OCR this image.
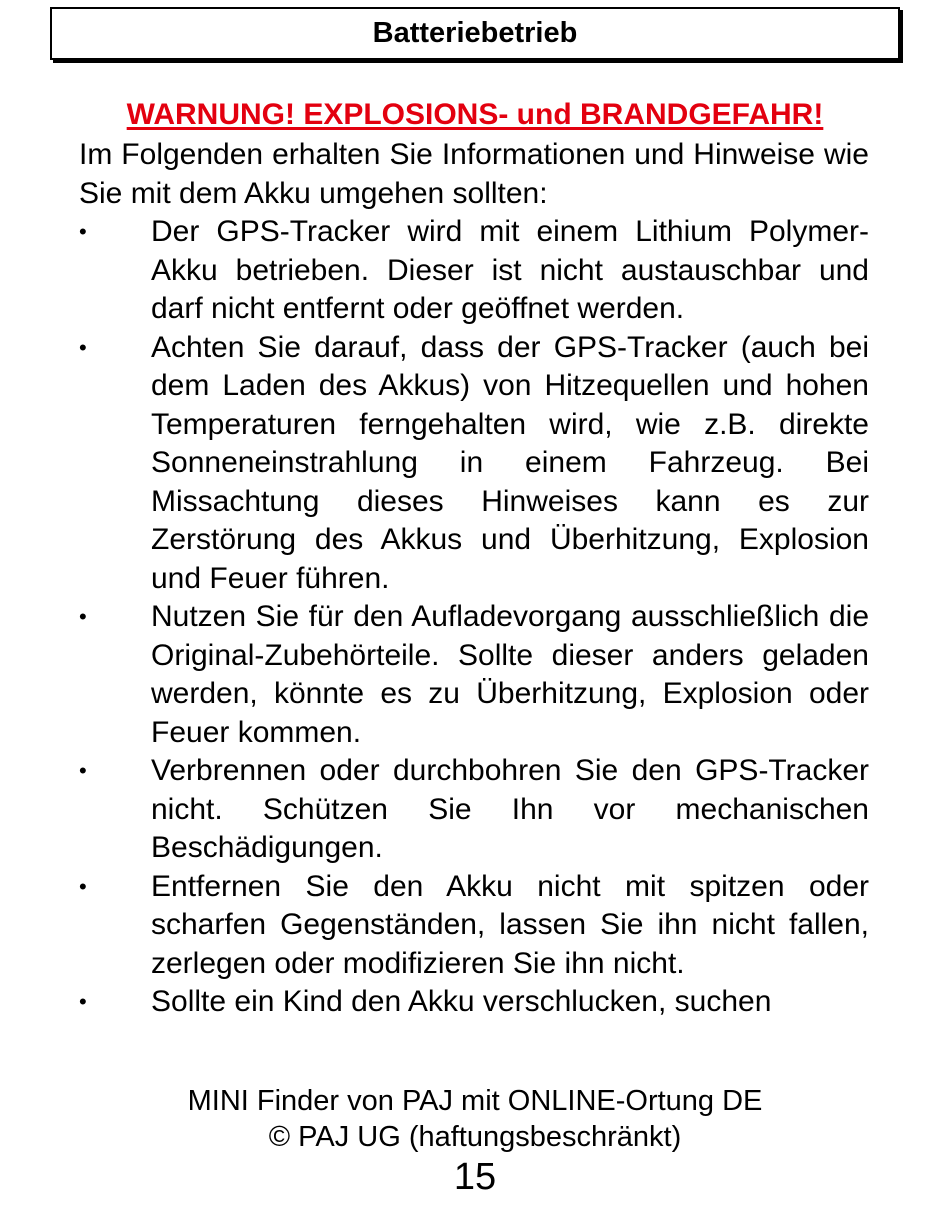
Batteriebetrieb
WARNUNG! EXPLOSIONS- und BRANDGEFAHR!
Im Folgenden erhalten Sie Informationen und Hinweise wie Sie mit dem Akku umgehen sollten:
•	Der GPS-Tracker wird mit einem Lithium Polymer-Akku betrieben. Dieser ist nicht austauschbar und darf nicht entfernt oder geöffnet werden.
•	Achten Sie darauf, dass der GPS-Tracker (auch bei dem Laden des Akkus) von Hitzequellen und hohen Temperaturen ferngehalten wird, wie z.B. direkte Sonneneinstrahlung in einem Fahrzeug. Bei Missachtung dieses Hinweises kann es zur Zerstörung des Akkus und Überhitzung, Explosion und Feuer führen.
•	Nutzen Sie für den Aufladevorgang ausschließlich die Original-Zubehörteile. Sollte dieser anders geladen werden, könnte es zu Überhitzung, Explosion oder Feuer kommen.
•	Verbrennen oder durchbohren Sie den GPS-Tracker nicht. Schützen Sie Ihn vor mechanischen Beschädigungen.
•	Entfernen Sie den Akku nicht mit spitzen oder scharfen Gegenständen, lassen Sie ihn nicht fallen, zerlegen oder modifizieren Sie ihn nicht.
•	Sollte ein Kind den Akku verschlucken, suchen
MINI Finder von PAJ mit ONLINE-Ortung DE
© PAJ UG (haftungsbeschränkt)
15
